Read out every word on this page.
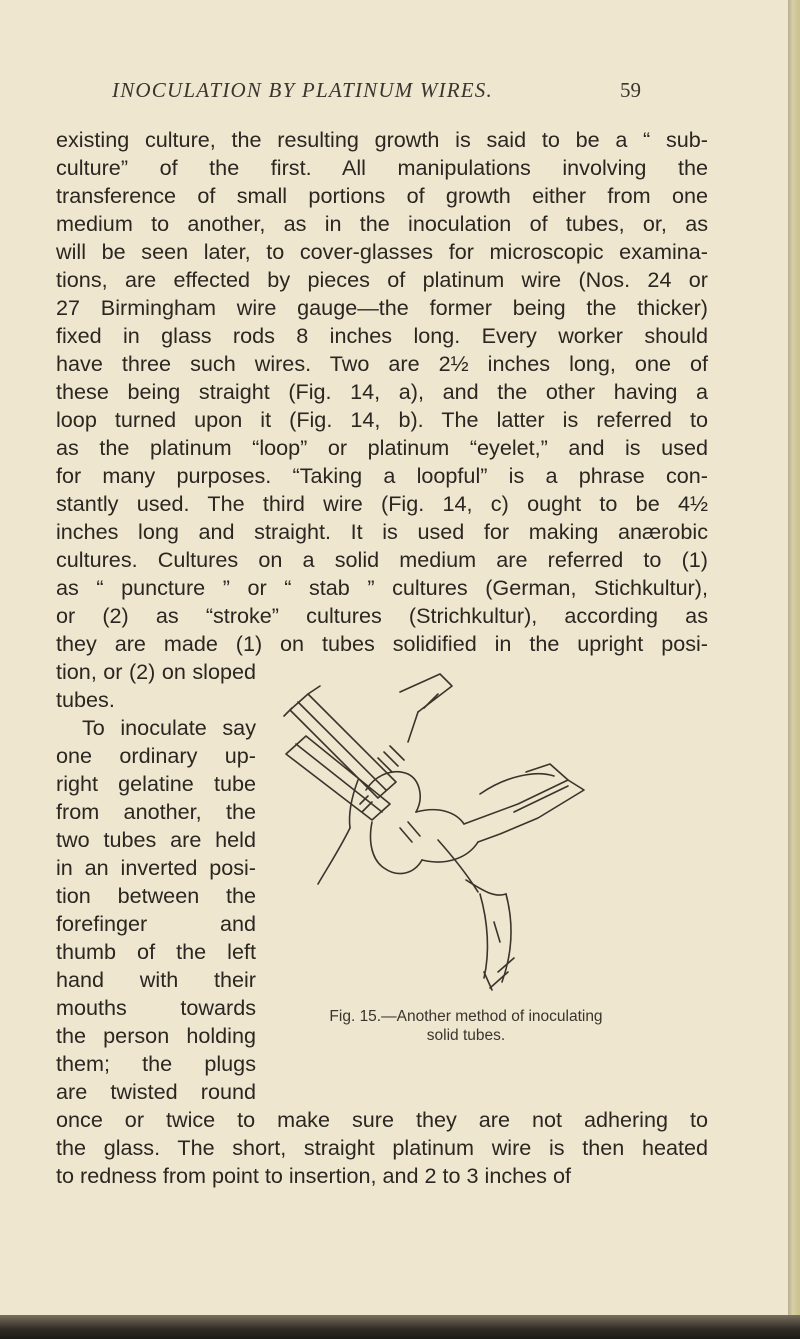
INOCULATION BY PLATINUM WIRES.	59
existing culture, the resulting growth is said to be a “ sub-
culture” of the first. All manipulations involving the
transference of small portions of growth either from one
medium to another, as in the inoculation of tubes, or, as
will be seen later, to cover-glasses for microscopic examina-
tions, are effected by pieces of platinum wire (Nos. 24 or
27 Birmingham wire gauge—the former being the thicker)
fixed in glass rods 8 inches long. Every worker should
have three such wires. Two are 2½ inches long, one of
these being straight (Fig. 14, a), and the other having a
loop turned upon it (Fig. 14, b). The latter is referred to
as the platinum “loop” or platinum “eyelet,” and is used
for many purposes. “Taking a loopful” is a phrase con-
stantly used. The third wire (Fig. 14, c) ought to be 4½
inches long and straight. It is used for making anærobic
cultures. Cultures on a solid medium are referred to (1)
as “ puncture ” or “ stab ” cultures (German, Stichkultur),
or (2) as “stroke” cultures (Strichkultur), according as
they are made (1) on tubes solidified in the upright posi-
tion, or (2) on sloped
tubes.
To inoculate say
one ordinary up-
right gelatine tube
from another, the
two tubes are held
in an inverted posi-
tion between the
forefinger and
thumb of the left
hand with their
mouths towards
the person holding
them; the plugs
are twisted round
once or twice to make sure they are not adhering to
the glass. The short, straight platinum wire is then heated
to redness from point to insertion, and 2 to 3 inches of
Fig. 15.—Another method of inoculating
solid tubes.
